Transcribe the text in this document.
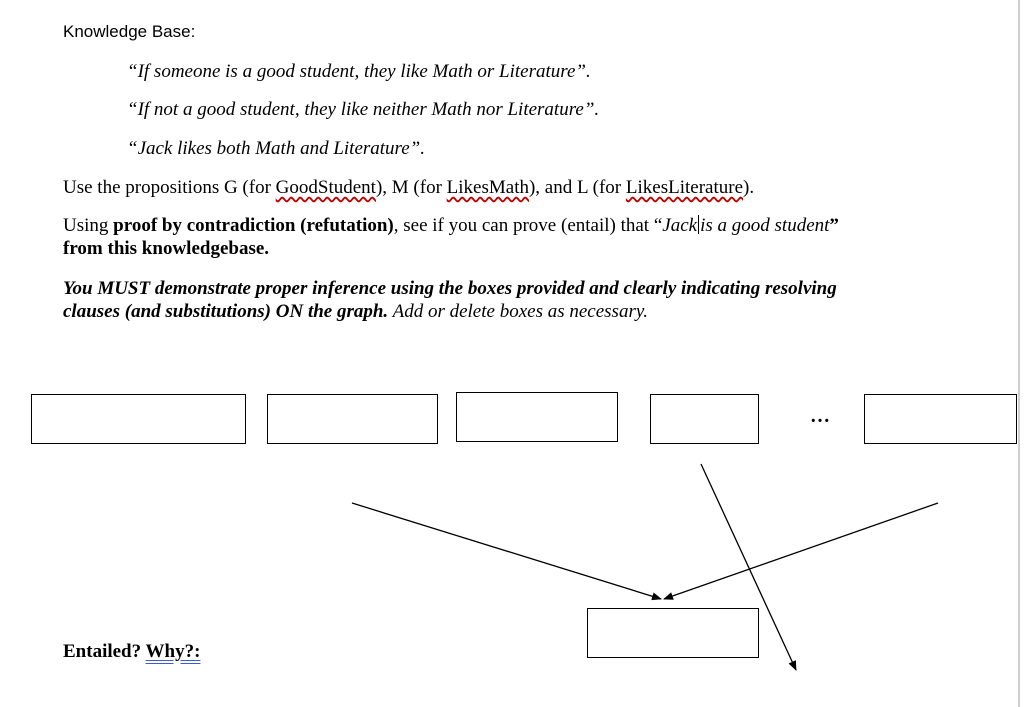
Knowledge Base:
“If someone is a good student, they like Math or Literature”.
“If not a good student, they like neither Math nor Literature”.
“Jack likes both Math and Literature”.
Use the propositions G (for GoodStudent), M (for LikesMath), and L (for LikesLiterature).
Using proof by contradiction (refutation), see if you can prove (entail) that “Jack is a good student” from this knowledgebase.
You MUST demonstrate proper inference using the boxes provided and clearly indicating resolving clauses (and substitutions) ON the graph. Add or delete boxes as necessary.
…
Entailed? Why?:
